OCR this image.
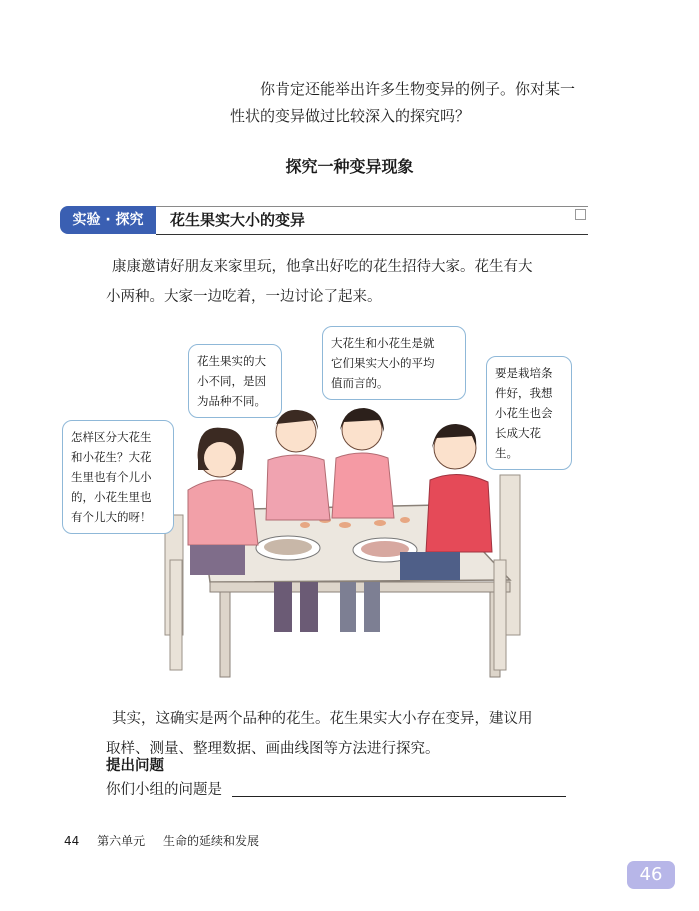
你肯定还能举出许多生物变异的例子。你对某一
性状的变异做过比较深入的探究吗？
探究一种变异现象
实验 · 探究	花生果实大小的变异
康康邀请好朋友来家里玩，他拿出好吃的花生招待大家。花生有大
小两种。大家一边吃着，一边讨论了起来。
怎样区分大花生
和小花生？大花
生里也有个儿小
的，小花生里也
有个儿大的呀！
花生果实的大
小不同，是因
为品种不同。
大花生和小花生是就
它们果实大小的平均
值而言的。
要是栽培条
件好，我想
小花生也会
长成大花生。
其实，这确实是两个品种的花生。花生果实大小存在变异，建议用
取样、测量、整理数据、画曲线图等方法进行探究。
提出问题
你们小组的问题是
44 第六单元 生命的延续和发展
46
